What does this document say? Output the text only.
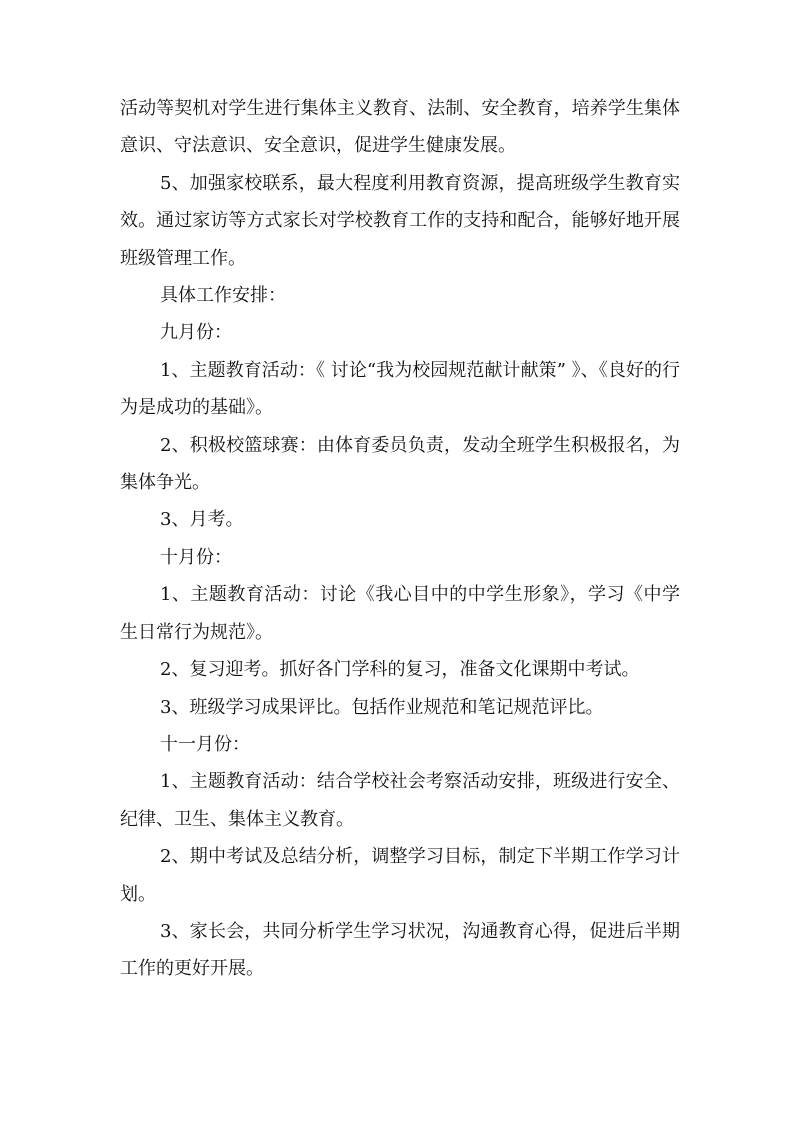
活动等契机对学生进行集体主义教育、法制、安全教育，培养学生集体意识、守法意识、安全意识，促进学生健康发展。

5、加强家校联系，最大程度利用教育资源，提高班级学生教育实效。通过家访等方式家长对学校教育工作的支持和配合，能够好地开展班级管理工作。

具体工作安排：

九月份：

1、主题教育活动：《 讨论“我为校园规范献计献策” 》、《良好的行为是成功的基础》。

2、积极校篮球赛：由体育委员负责，发动全班学生积极报名，为集体争光。

3、月考。

十月份：

1、主题教育活动：讨论《我心目中的中学生形象》，学习《中学生日常行为规范》。

2、复习迎考。抓好各门学科的复习，准备文化课期中考试。

3、班级学习成果评比。包括作业规范和笔记规范评比。

十一月份：

1、主题教育活动：结合学校社会考察活动安排，班级进行安全、纪律、卫生、集体主义教育。

2、期中考试及总结分析，调整学习目标，制定下半期工作学习计划。

3、家长会，共同分析学生学习状况，沟通教育心得，促进后半期工作的更好开展。
